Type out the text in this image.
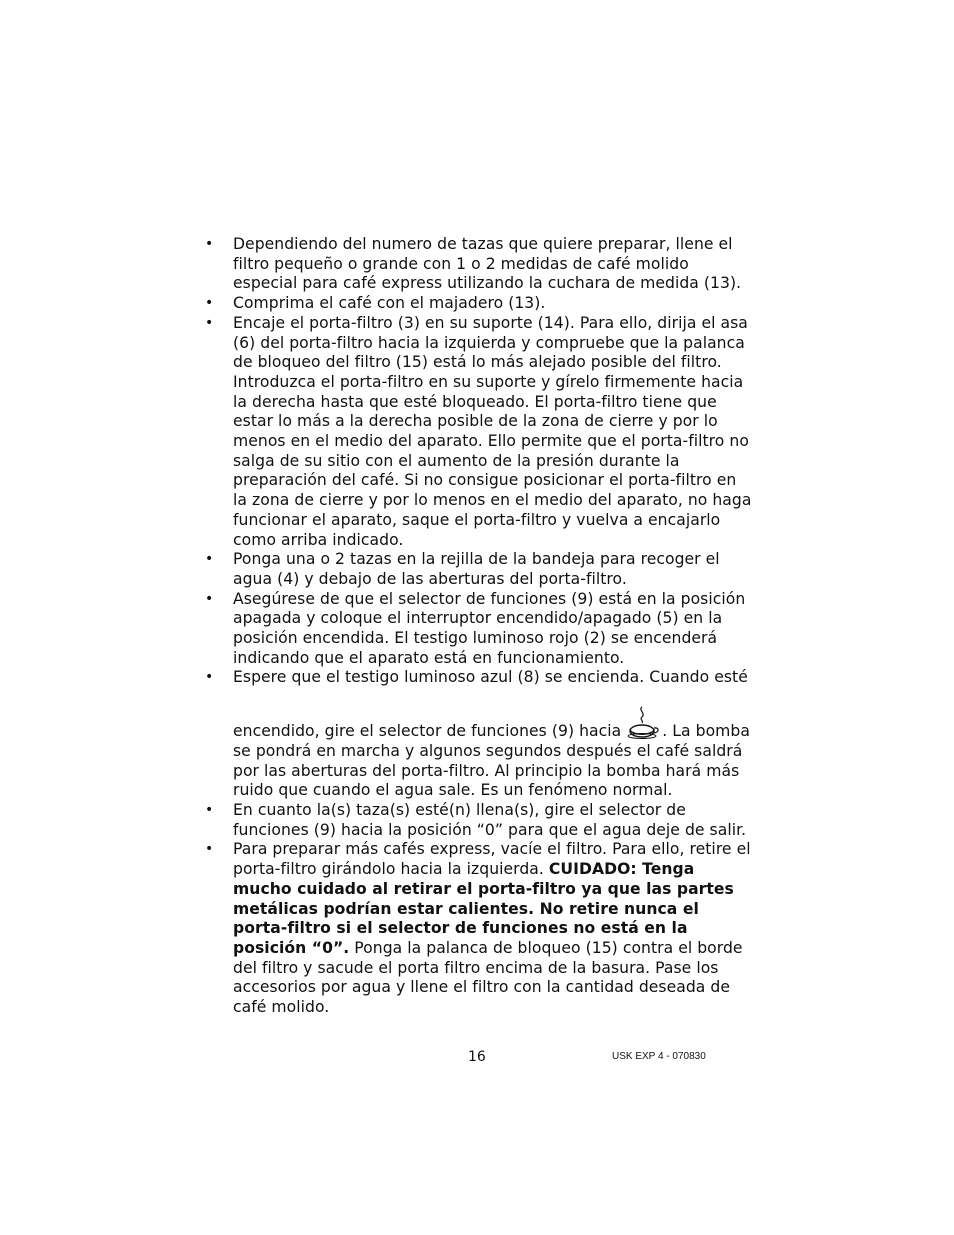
• Dependiendo del numero de tazas que quiere preparar, llene el filtro pequeño o grande con 1 o 2 medidas de café molido especial para café express utilizando la cuchara de medida (13).
• Comprima el café con el majadero (13).
• Encaje el porta-filtro (3) en su suporte (14). Para ello, dirija el asa (6) del porta-filtro hacia la izquierda y compruebe que la palanca de bloqueo del filtro (15) está lo más alejado posible del filtro. Introduzca el porta-filtro en su suporte y gírelo firmemente hacia la derecha hasta que esté bloqueado. El porta-filtro tiene que estar lo más a la derecha posible de la zona de cierre y por lo menos en el medio del aparato. Ello permite que el porta-filtro no salga de su sitio con el aumento de la presión durante la preparación del café. Si no consigue posicionar el porta-filtro en la zona de cierre y por lo menos en el medio del aparato, no haga funcionar el aparato, saque el porta-filtro y vuelva a encajarlo como arriba indicado.
• Ponga una o 2 tazas en la rejilla de la bandeja para recoger el agua (4) y debajo de las aberturas del porta-filtro.
• Asegúrese de que el selector de funciones (9) está en la posición apagada y coloque el interruptor encendido/apagado (5) en la posición encendida. El testigo luminoso rojo (2) se encenderá indicando que el aparato está en funcionamiento.
• Espere que el testigo luminoso azul (8) se encienda. Cuando esté
encendido, gire el selector de funciones (9) hacia	. La bomba se pondrá en marcha y algunos segundos después el café saldrá por las aberturas del porta-filtro. Al principio la bomba hará más ruido que cuando el agua sale. Es un fenómeno normal.
• En cuanto la(s) taza(s) esté(n) llena(s), gire el selector de funciones (9) hacia la posición “0” para que el agua deje de salir.
• Para preparar más cafés express, vacíe el filtro. Para ello, retire el porta-filtro girándolo hacia la izquierda. CUIDADO: Tenga mucho cuidado al retirar el porta-filtro ya que las partes metálicas podrían estar calientes. No retire nunca el porta-filtro si el selector de funciones no está en la posición “0”. Ponga la palanca de bloqueo (15) contra el borde del filtro y sacude el porta filtro encima de la basura. Pase los accesorios por agua y llene el filtro con la cantidad deseada de café molido.
16	USK EXP 4 - 070830
